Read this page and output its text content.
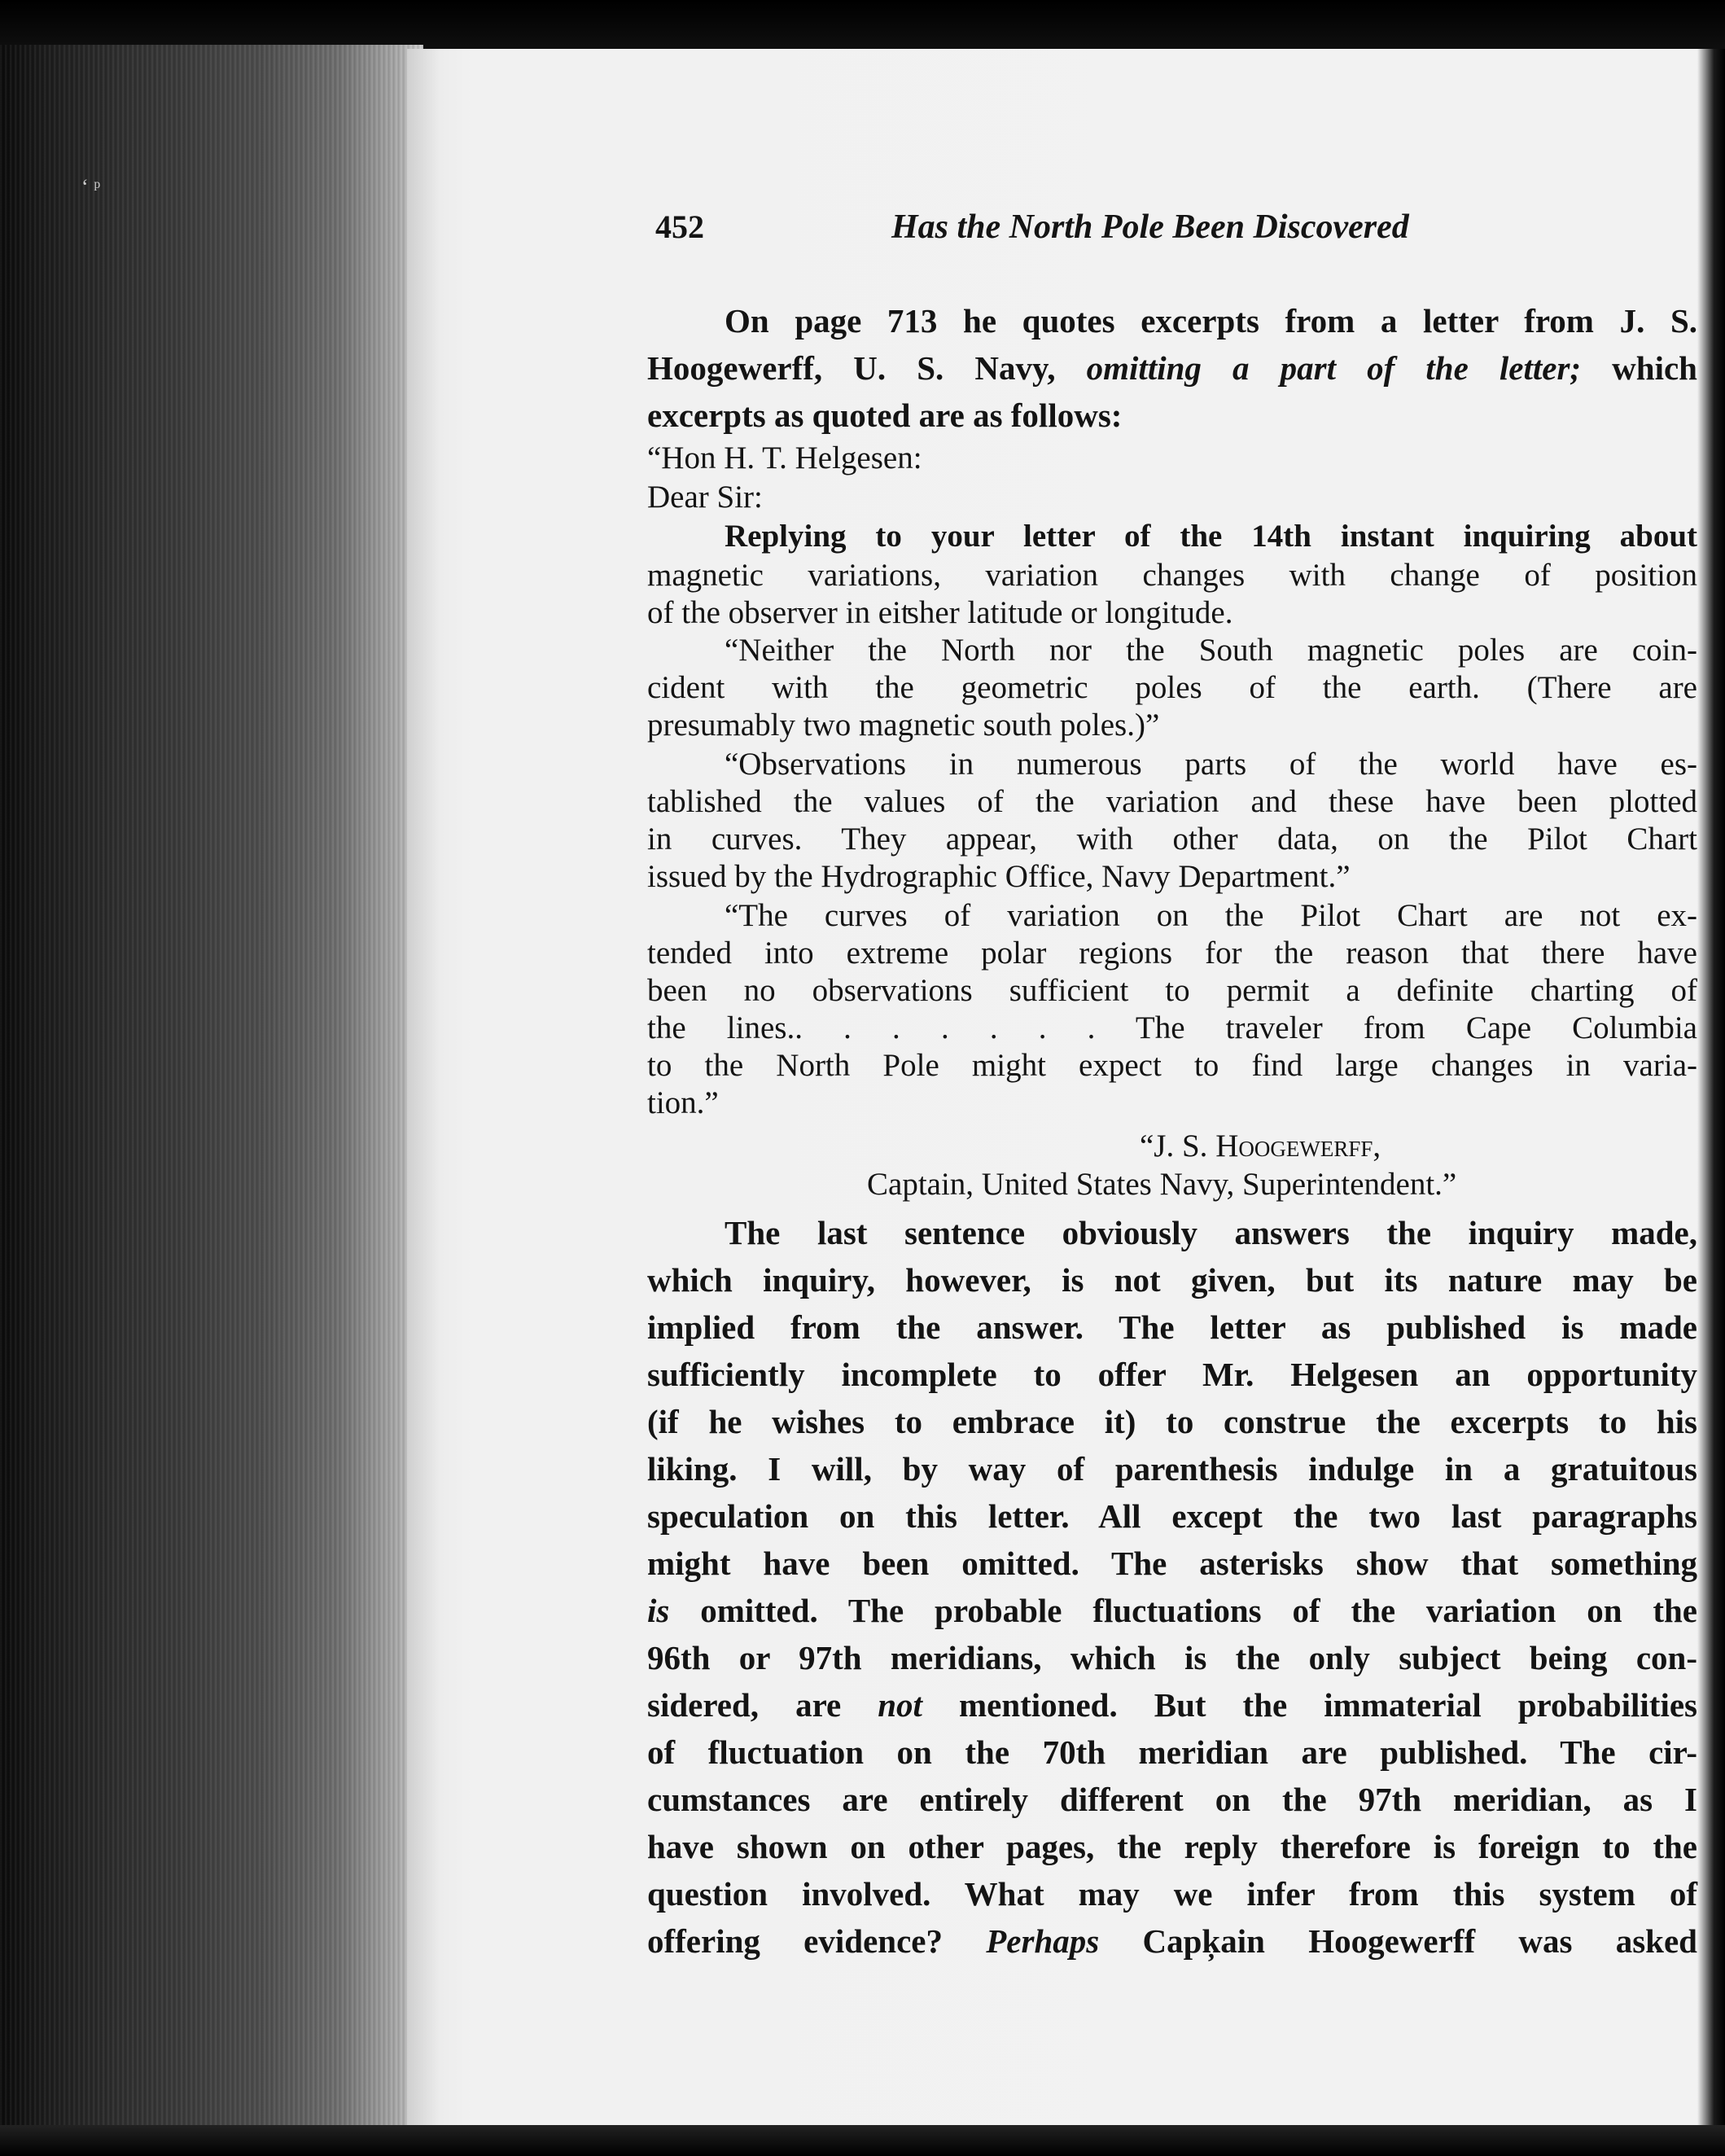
‘ ᵖ
452	Has the North Pole Been Discovered
On page 713 he quotes excerpts from a letter from J. S.
Hoogewerff, U. S. Navy, omitting a part of the letter; which
excerpts as quoted are as follows:
“Hon H. T. Helgesen:
Dear Sir:
Replying to your letter of the 14th instant inquiring about
magnetic variations, variation changes with change of position
of the observer in eiʦher latitude or longitude.
“Neither the North nor the South magnetic poles are coin-
cident with the geometric poles of the earth. (There are
presumably two magnetic south poles.)”
“Observations in numerous parts of the world have es-
tablished the values of the variation and these have been plotted
in curves. They appear, with other data, on the Pilot Chart
issued by the Hydrographic Office, Navy Department.”
“The curves of variation on the Pilot Chart are not ex-
tended into extreme polar regions for the reason that there have
been no observations sufficient to permit a definite charting of
the lines.. . . . . . . The traveler from Cape Columbia
to the North Pole might expect to find large changes in varia-
tion.”
“J. S. Hoogewerff,
Captain, United States Navy, Superintendent.”
The last sentence obviously answers the inquiry made,
which inquiry, however, is not given, but its nature may be
implied from the answer. The letter as published is made
sufficiently incomplete to offer Mr. Helgesen an opportunity
(if he wishes to embrace it) to construe the excerpts to his
liking. I will, by way of parenthesis indulge in a gratuitous
speculation on this letter. All except the two last paragraphs
might have been omitted. The asterisks show that something
is omitted. The probable fluctuations of the variation on the
96th or 97th meridians, which is the only subject being con-
sidered, are not mentioned. But the immaterial probabilities
of fluctuation on the 70th meridian are published. The cir-
cumstances are entirely different on the 97th meridian, as I
have shown on other pages, the reply therefore is foreign to the
question involved. What may we infer from this system of
offering evidence? Perhaps Capķain Hoogewerff was asked
